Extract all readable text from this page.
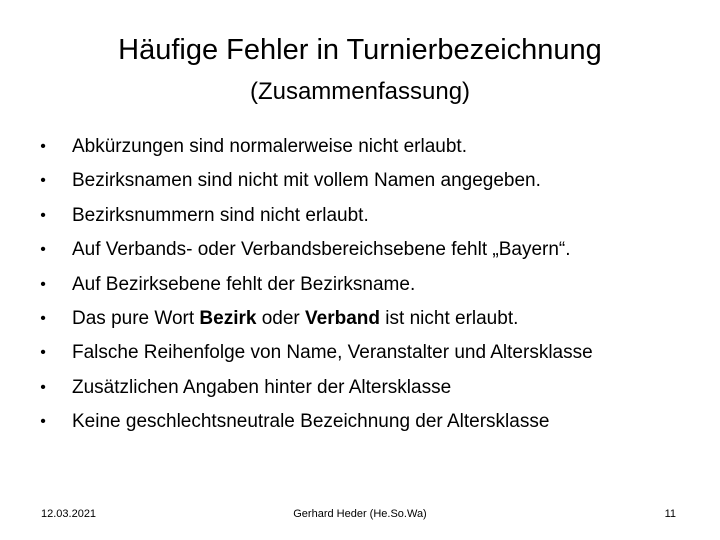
Häufige Fehler in Turnierbezeichnung
(Zusammenfassung)
• Abkürzungen sind normalerweise nicht erlaubt.
• Bezirksnamen sind nicht mit vollem Namen angegeben.
• Bezirksnummern sind nicht erlaubt.
• Auf Verbands- oder Verbandsbereichsebene fehlt „Bayern“.
• Auf Bezirksebene fehlt der Bezirksname.
• Das pure Wort Bezirk oder Verband ist nicht erlaubt.
• Falsche Reihenfolge von Name, Veranstalter und Altersklasse
• Zusätzlichen Angaben hinter der Altersklasse
• Keine geschlechtsneutrale Bezeichnung der Altersklasse
Gerhard Heder (He.So.Wa)
12.03.2021	11
